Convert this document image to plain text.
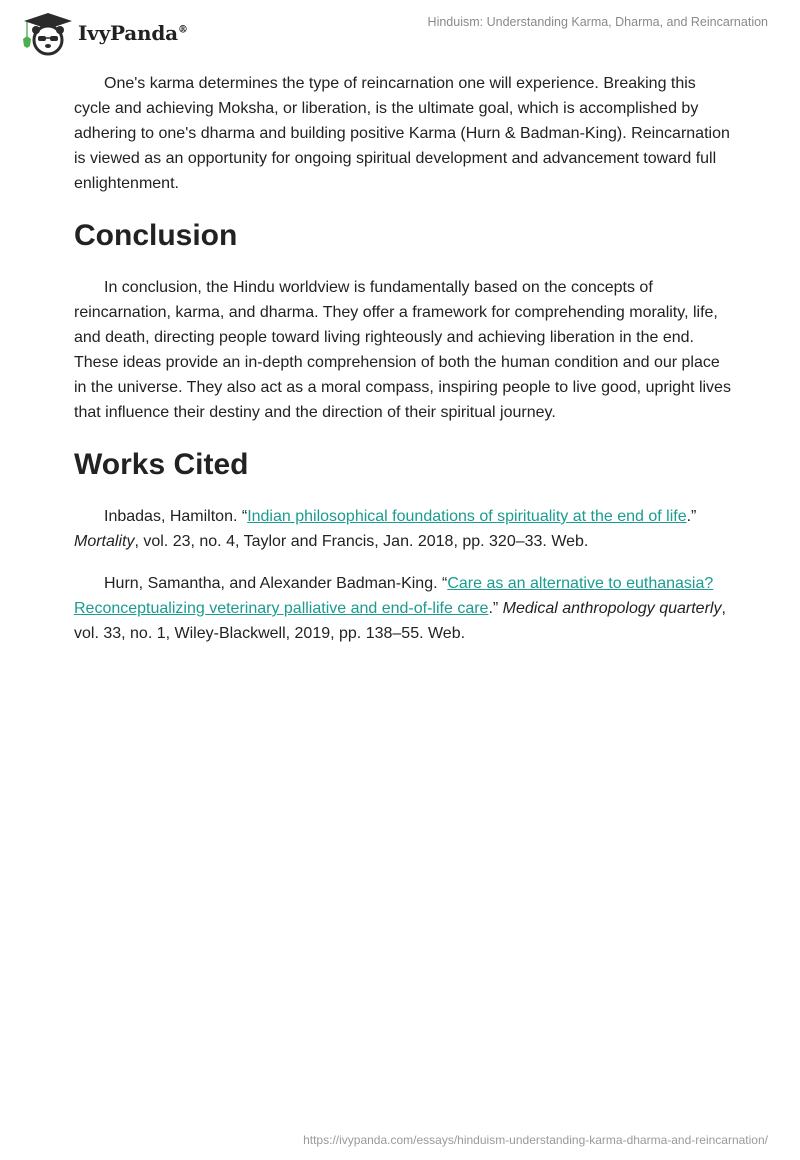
IvyPanda®
Hinduism: Understanding Karma, Dharma, and Reincarnation

One's karma determines the type of reincarnation one will experience. Breaking this cycle and achieving Moksha, or liberation, is the ultimate goal, which is accomplished by adhering to one's dharma and building positive Karma (Hurn & Badman-King). Reincarnation is viewed as an opportunity for ongoing spiritual development and advancement toward full enlightenment.

Conclusion

In conclusion, the Hindu worldview is fundamentally based on the concepts of reincarnation, karma, and dharma. They offer a framework for comprehending morality, life, and death, directing people toward living righteously and achieving liberation in the end. These ideas provide an in-depth comprehension of both the human condition and our place in the universe. They also act as a moral compass, inspiring people to live good, upright lives that influence their destiny and the direction of their spiritual journey.

Works Cited

Inbadas, Hamilton. “Indian philosophical foundations of spirituality at the end of life.” Mortality, vol. 23, no. 4, Taylor and Francis, Jan. 2018, pp. 320–33. Web.

Hurn, Samantha, and Alexander Badman-King. “Care as an alternative to euthanasia? Reconceptualizing veterinary palliative and end-of-life care.” Medical anthropology quarterly, vol. 33, no. 1, Wiley-Blackwell, 2019, pp. 138–55. Web.

https://ivypanda.com/essays/hinduism-understanding-karma-dharma-and-reincarnation/
